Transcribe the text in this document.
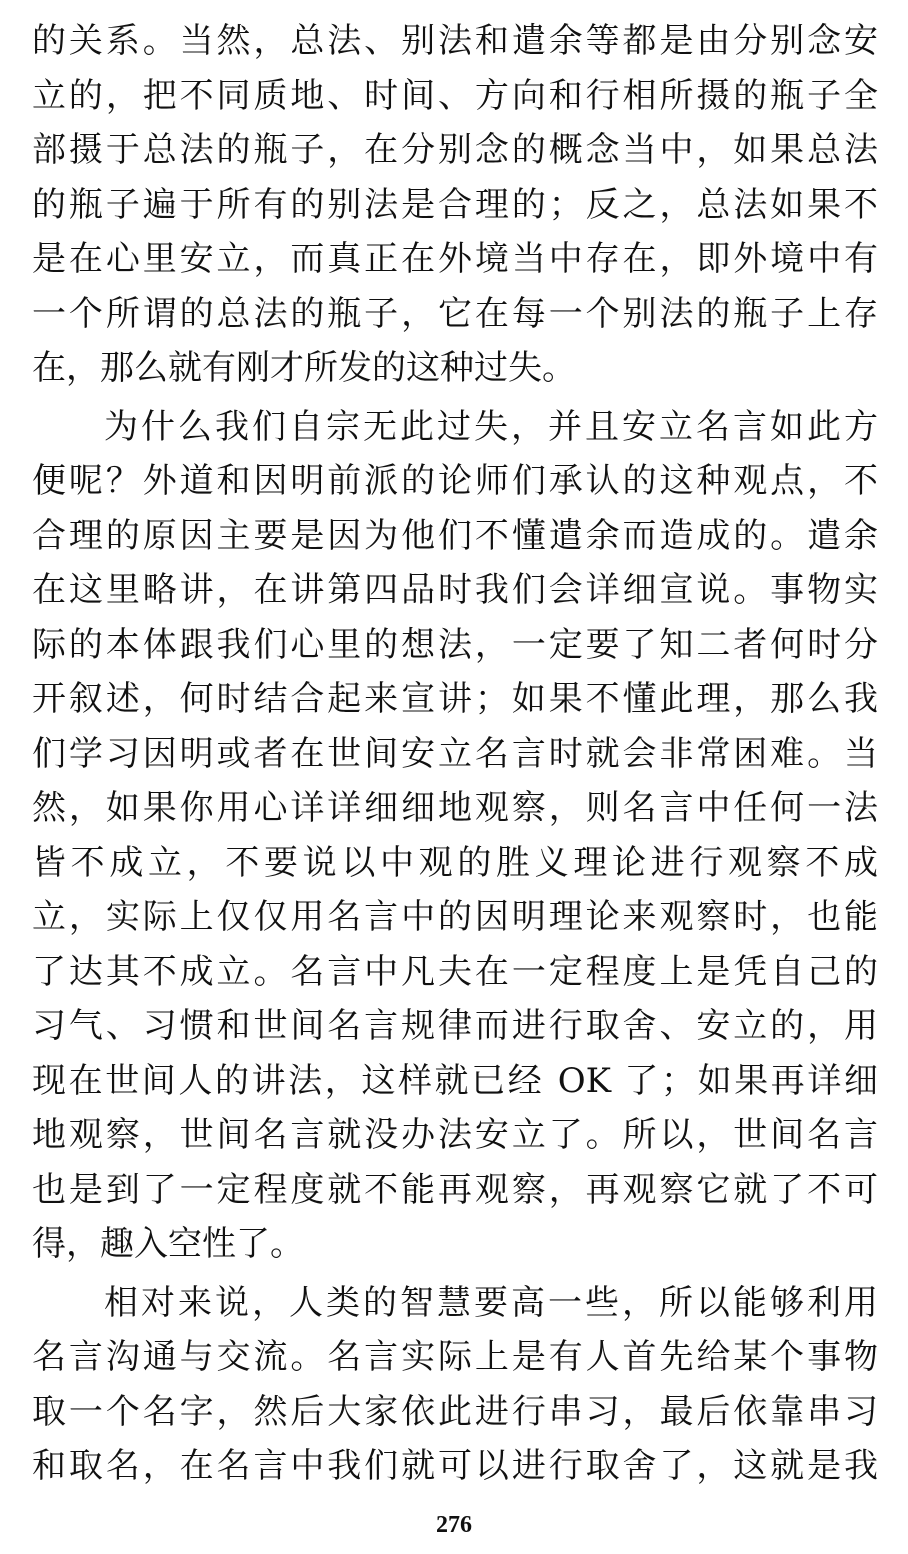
的关系。当然，总法、别法和遣余等都是由分别念安
立的，把不同质地、时间、方向和行相所摄的瓶子全
部摄于总法的瓶子，在分别念的概念当中，如果总法
的瓶子遍于所有的别法是合理的；反之，总法如果不
是在心里安立，而真正在外境当中存在，即外境中有
一个所谓的总法的瓶子，它在每一个别法的瓶子上存
在，那么就有刚才所发的这种过失。
为什么我们自宗无此过失，并且安立名言如此方
便呢？外道和因明前派的论师们承认的这种观点，不
合理的原因主要是因为他们不懂遣余而造成的。遣余
在这里略讲，在讲第四品时我们会详细宣说。事物实
际的本体跟我们心里的想法，一定要了知二者何时分
开叙述，何时结合起来宣讲；如果不懂此理，那么我
们学习因明或者在世间安立名言时就会非常困难。当
然，如果你用心详详细细地观察，则名言中任何一法
皆不成立，不要说以中观的胜义理论进行观察不成
立，实际上仅仅用名言中的因明理论来观察时，也能
了达其不成立。名言中凡夫在一定程度上是凭自己的
习气、习惯和世间名言规律而进行取舍、安立的，用
现在世间人的讲法，这样就已经 OK 了；如果再详细
地观察，世间名言就没办法安立了。所以，世间名言
也是到了一定程度就不能再观察，再观察它就了不可
得，趣入空性了。
相对来说，人类的智慧要高一些，所以能够利用
名言沟通与交流。名言实际上是有人首先给某个事物
取一个名字，然后大家依此进行串习，最后依靠串习
和取名，在名言中我们就可以进行取舍了，这就是我
276
